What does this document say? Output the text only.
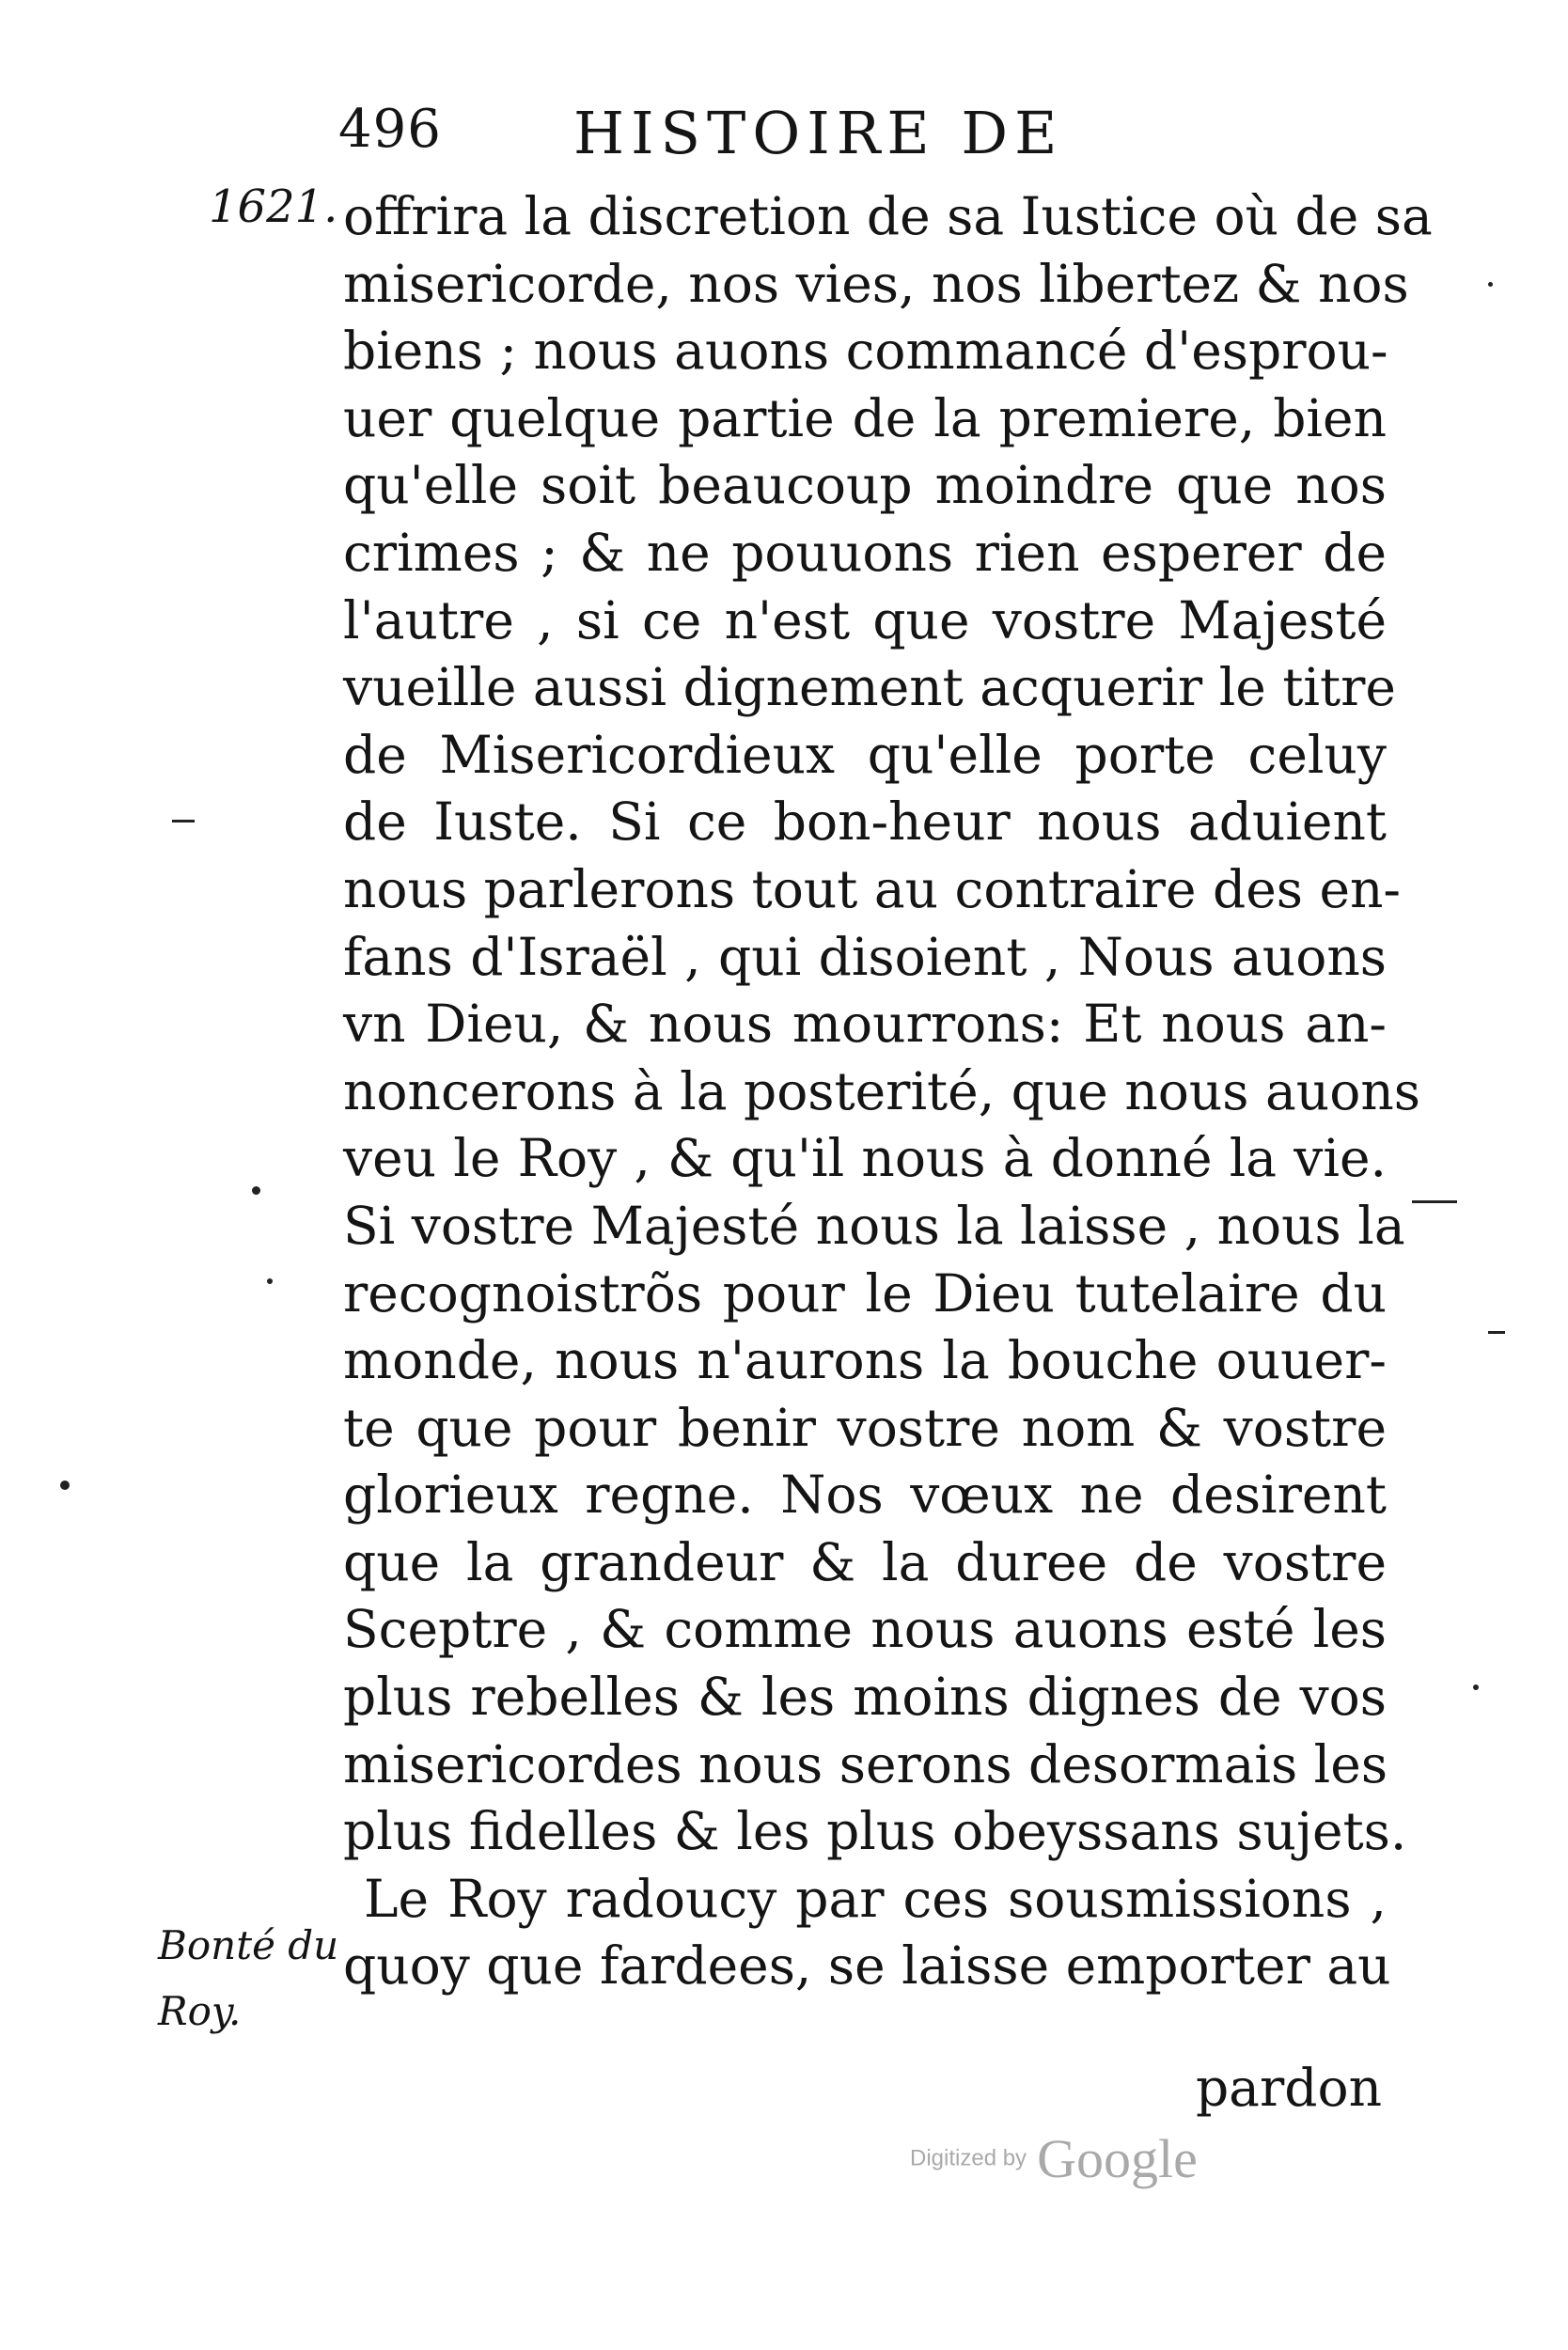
496 HISTOIRE DE
1621.
Bonté du
Roy.
offrira la discretion de sa Iustice où de sa
misericorde, nos vies, nos libertez & nos
biens ; nous auons commancé d'esprou-
uer quelque partie de la premiere, bien
qu'elle soit beaucoup moindre que nos
crimes ; & ne pouuons rien esperer de
l'autre , si ce n'est que vostre Majesté
vueille aussi dignement acquerir le titre
de Misericordieux qu'elle porte celuy
de Iuste. Si ce bon-heur nous aduient
nous parlerons tout au contraire des en-
fans d'Israël , qui disoient , Nous auons
vn Dieu, & nous mourrons: Et nous an-
noncerons à la posterité, que nous auons
veu le Roy , & qu'il nous à donné la vie.
Si vostre Majesté nous la laisse , nous la
recognoistrõs pour le Dieu tutelaire du
monde, nous n'aurons la bouche ouuer-
te que pour benir vostre nom & vostre
glorieux regne. Nos vœux ne desirent
que la grandeur & la duree de vostre
Sceptre , & comme nous auons esté les
plus rebelles & les moins dignes de vos
misericordes nous serons desormais les
plus fidelles & les plus obeyssans sujets.
Le Roy radoucy par ces sousmissions ,
quoy que fardees, se laisse emporter au
pardon
Digitized by Google
